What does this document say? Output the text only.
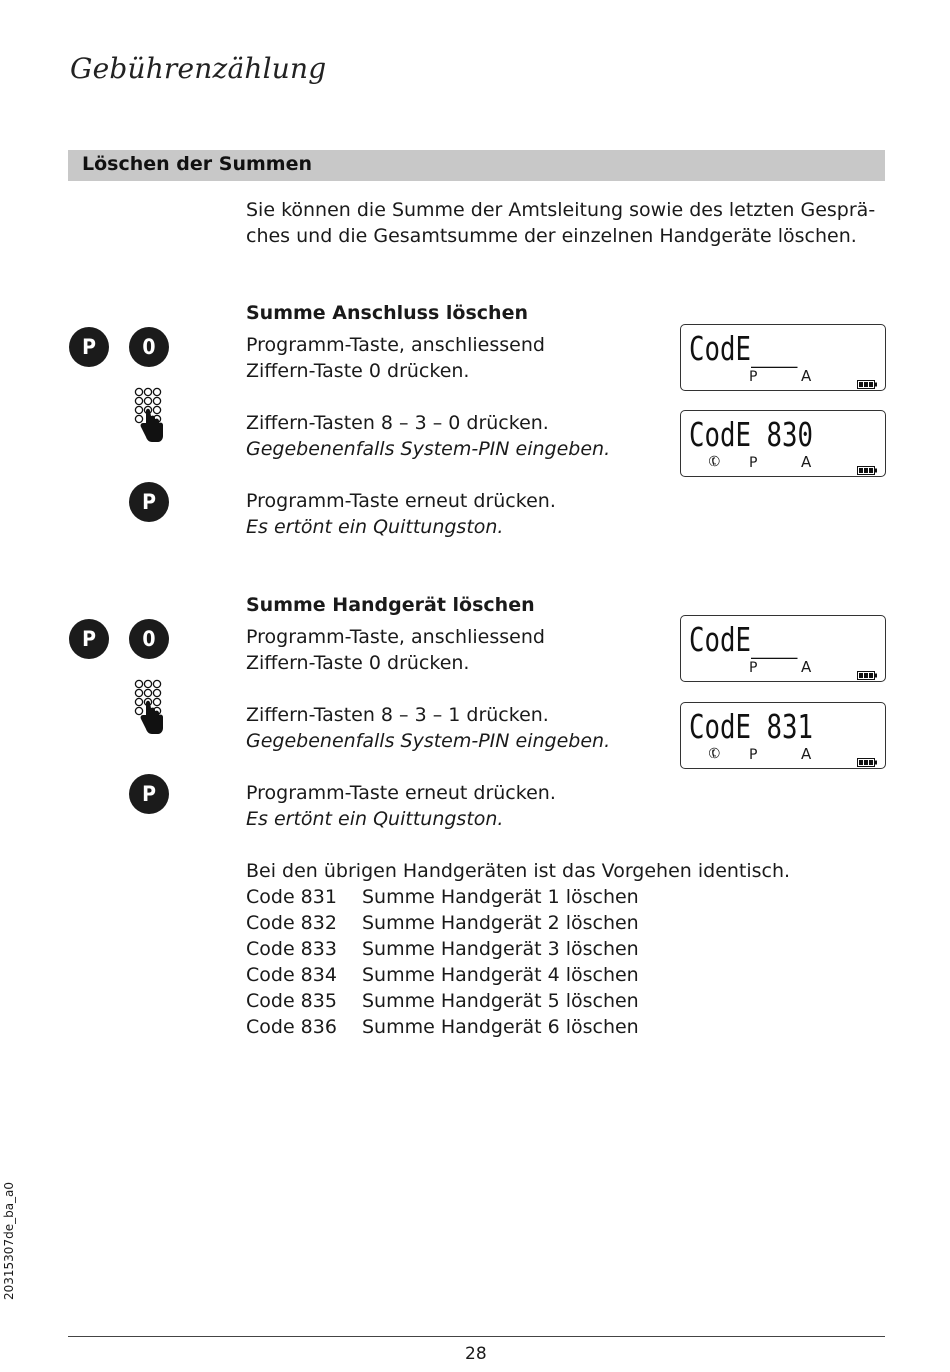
Gebührenzählung
Löschen der Summen
Sie können die Summe der Amtsleitung sowie des letzten Gesprä-
ches und die Gesamtsumme der einzelnen Handgeräte löschen.
P 0
P
Summe Anschluss löschen
Programm-Taste, anschliessend
Ziffern-Taste 0 drücken.
Ziffern-Tasten 8 – 3 – 0 drücken.
Gegebenenfalls System-PIN eingeben.
Programm-Taste erneut drücken.
Es ertönt ein Quittungston.
CodE___
P	A
CodE 830
✆ P	A
P 0
P
Summe Handgerät löschen
Programm-Taste, anschliessend
Ziffern-Taste 0 drücken.
Ziffern-Tasten 8 – 3 – 1 drücken.
Gegebenenfalls System-PIN eingeben.
Programm-Taste erneut drücken.
Es ertönt ein Quittungston.
CodE___
P	A
CodE 831
✆ P	A
Bei den übrigen Handgeräten ist das Vorgehen identisch.
Code 831 Summe Handgerät 1 löschen
Code 832 Summe Handgerät 2 löschen
Code 833 Summe Handgerät 3 löschen
Code 834 Summe Handgerät 4 löschen
Code 835 Summe Handgerät 5 löschen
Code 836 Summe Handgerät 6 löschen
20315307de_ba_a0
28
